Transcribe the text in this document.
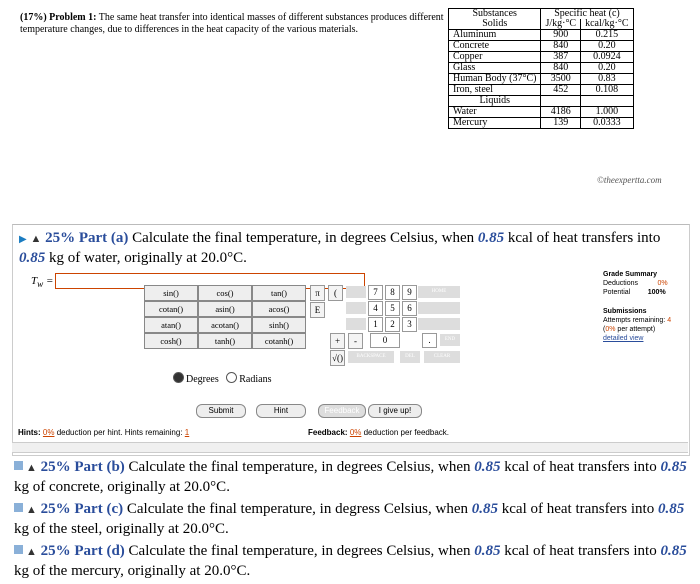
(17%) Problem 1: The same heat transfer into identical masses of different substances produces different temperature changes, due to differences in the heat capacity of the various materials.
Substances	Specific heat (c)	
Solids	J/kg·°C	kcal/kg·°C
Aluminum	900	0.215
Concrete	840	0.20
Copper	387	0.0924
Glass	840	0.20
Human Body (37°C)	3500	0.83
Iron, steel	452	0.108
Liquids		
Water	4186	1.000
Mercury	139	0.0333
©theexpertta.com
▶ ▲ 25% Part (a) Calculate the final temperature, in degrees Celsius, when 0.85 kcal of heat transfers into 0.85 kg of water, originally at 20.0°C.
$T_w$ =
Grade Summary
Deductions	0%
Potential	100%
Submissions
Attempts remaining: 4
(0% per attempt)
detailed view
sin()	cos()	tan()
cotan()	asin()	acos()
atan()	acotan()	sinh()
cosh()	tanh()	cotanh()
π	(
E
+	-
√()
7	8	9
4	5	6
1	2	3
0	.
HOME
END
BACKSPACE	DEL	CLEAR
Degrees Radians
Submit	Hint	Feedback	I give up!
Hints: 0% deduction per hint. Hints remaining: 1	Feedback: 0% deduction per feedback.
▲ 25% Part (b) Calculate the final temperature, in degrees Celsius, when 0.85 kcal of heat transfers into 0.85 kg of concrete, originally at 20.0°C.
▲ 25% Part (c) Calculate the final temperature, in degress Celsius, when 0.85 kcal of heat transfers into 0.85 kg of the steel, originally at 20.0°C.
▲ 25% Part (d) Calculate the final temperature, in degrees Celsius, when 0.85 kcal of heat transfers into 0.85 kg of the mercury, originally at 20.0°C.
